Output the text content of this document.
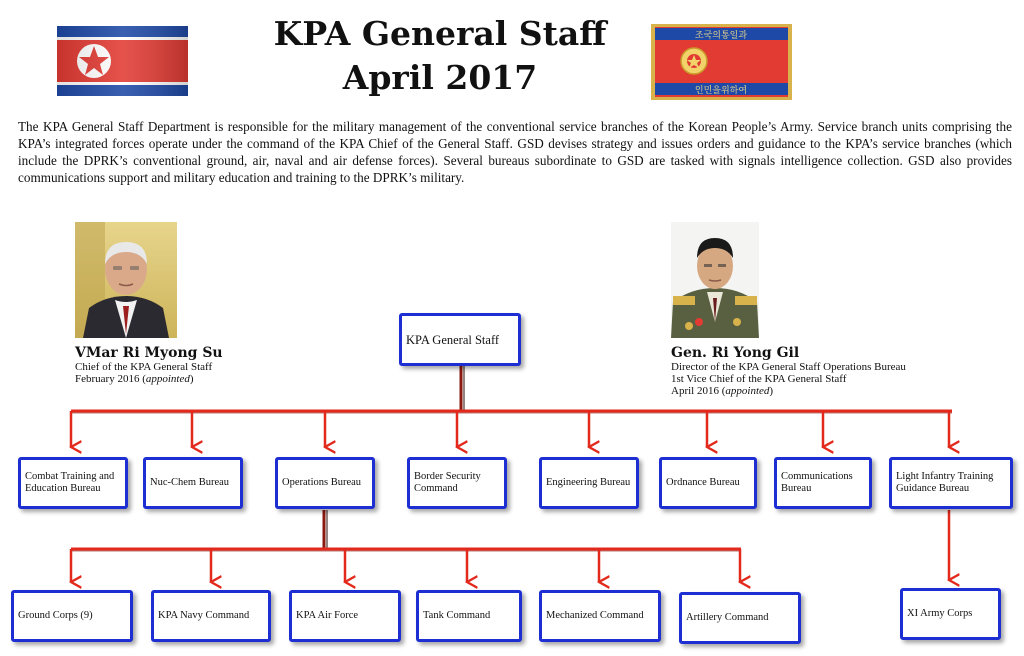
KPA General Staff
April 2017
조국의통일과
인민을위하여
The KPA General Staff Department is responsible for the military management of the conventional service branches of the Korean People’s Army. Service branch units comprising the KPA’s integrated forces operate under the command of the KPA Chief of the General Staff. GSD devises strategy and issues orders and guidance to the KPA’s service branches (which include the DPRK’s conventional ground, air, naval and air defense forces). Several bureaus subordinate to GSD are tasked with signals intelligence collection. GSD also provides communications support and military education and training to the DPRK’s military.
VMar Ri Myong Su
Chief of the KPA General Staff
February 2016 (appointed)
Gen. Ri Yong Gil
Director of the KPA General Staff Operations Bureau
1st Vice Chief of the KPA General Staff
April 2016 (appointed)
KPA General Staff
Combat Training and Education Bureau
Nuc-Chem Bureau	Operations Bureau
Border Security Command
Engineering Bureau	Ordnance Bureau
Communications Bureau
Light Infantry Training Guidance Bureau
Ground Corps (9)	KPA Navy Command	KPA Air Force	Tank Command	Mechanized Command	Artillery Command	XI Army Corps
